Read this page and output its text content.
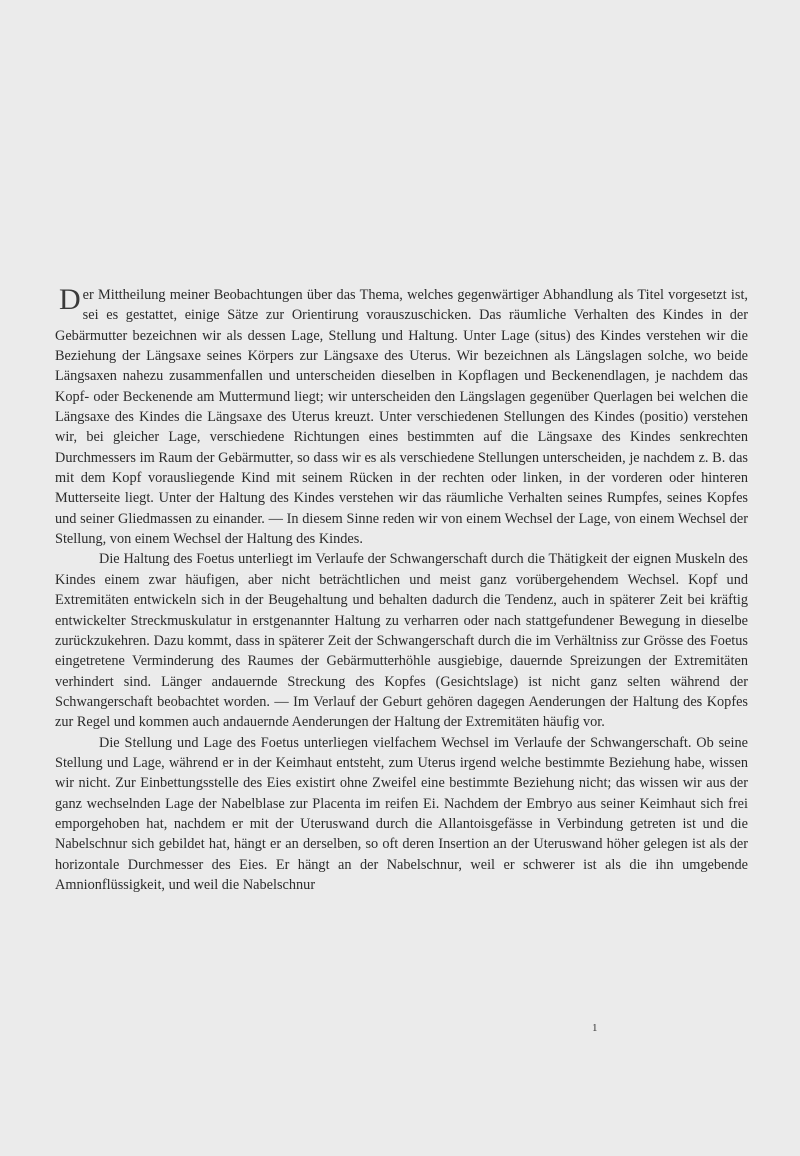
Der Mittheilung meiner Beobachtungen über das Thema, welches gegenwärtiger Abhandlung als Titel vorgesetzt ist, sei es gestattet, einige Sätze zur Orientirung vorauszuschicken. Das räumliche Verhalten des Kindes in der Gebärmutter bezeichnen wir als dessen Lage, Stellung und Haltung. Unter Lage (situs) des Kindes verstehen wir die Beziehung der Längsaxe seines Körpers zur Längsaxe des Uterus. Wir bezeichnen als Längslagen solche, wo beide Längsaxen nahezu zusammenfallen und unterscheiden dieselben in Kopflagen und Beckenendlagen, je nachdem das Kopf- oder Beckenende am Muttermund liegt; wir unterscheiden den Längslagen gegenüber Querlagen bei welchen die Längsaxe des Kindes die Längsaxe des Uterus kreuzt. Unter verschiedenen Stellungen des Kindes (positio) verstehen wir, bei gleicher Lage, verschiedene Richtungen eines bestimmten auf die Längsaxe des Kindes senkrechten Durchmessers im Raum der Gebärmutter, so dass wir es als verschiedene Stellungen unterscheiden, je nachdem z. B. das mit dem Kopf vorausliegende Kind mit seinem Rücken in der rechten oder linken, in der vorderen oder hinteren Mutterseite liegt. Unter der Haltung des Kindes verstehen wir das räumliche Verhalten seines Rumpfes, seines Kopfes und seiner Gliedmassen zu einander. — In diesem Sinne reden wir von einem Wechsel der Lage, von einem Wechsel der Stellung, von einem Wechsel der Haltung des Kindes.

Die Haltung des Foetus unterliegt im Verlaufe der Schwangerschaft durch die Thätigkeit der eignen Muskeln des Kindes einem zwar häufigen, aber nicht beträchtlichen und meist ganz vorübergehendem Wechsel. Kopf und Extremitäten entwickeln sich in der Beugehaltung und behalten dadurch die Tendenz, auch in späterer Zeit bei kräftig entwickelter Streckmuskulatur in erstgenannter Haltung zu verharren oder nach stattgefundener Bewegung in dieselbe zurückzukehren. Dazu kommt, dass in späterer Zeit der Schwangerschaft durch die im Verhältniss zur Grösse des Foetus eingetretene Verminderung des Raumes der Gebärmutterhöhle ausgiebige, dauernde Spreizungen der Extremitäten verhindert sind. Länger andauernde Streckung des Kopfes (Gesichtslage) ist nicht ganz selten während der Schwangerschaft beobachtet worden. — Im Verlauf der Geburt gehören dagegen Aenderungen der Haltung des Kopfes zur Regel und kommen auch andauernde Aenderungen der Haltung der Extremitäten häufig vor.

Die Stellung und Lage des Foetus unterliegen vielfachem Wechsel im Verlaufe der Schwangerschaft. Ob seine Stellung und Lage, während er in der Keimhaut entsteht, zum Uterus irgend welche bestimmte Beziehung habe, wissen wir nicht. Zur Einbettungsstelle des Eies existirt ohne Zweifel eine bestimmte Beziehung nicht; das wissen wir aus der ganz wechselnden Lage der Nabelblase zur Placenta im reifen Ei. Nachdem der Embryo aus seiner Keimhaut sich frei emporgehoben hat, nachdem er mit der Uteruswand durch die Allantoisgefässe in Verbindung getreten ist und die Nabelschnur sich gebildet hat, hängt er an derselben, so oft deren Insertion an der Uteruswand höher gelegen ist als der horizontale Durchmesser des Eies. Er hängt an der Nabelschnur, weil er schwerer ist als die ihn umgebende Amnionflüssigkeit, und weil die Nabelschnur

1
